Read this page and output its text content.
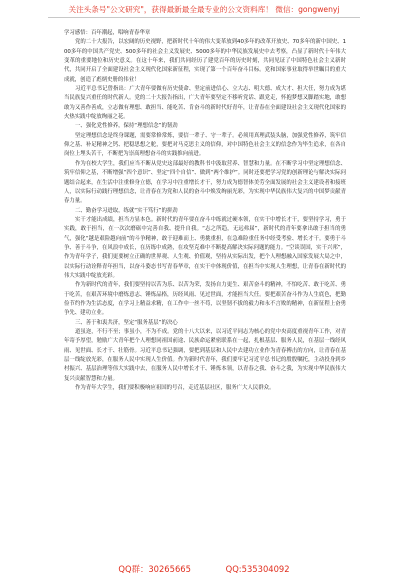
关注头条号"公文研究"，获得最新最全最专业的公文资料库！ 微信：gongwenyj

学习感悟：百年潮起，唱响青春华章

党的二十大报告，以宏阔的历史视野，把新时代十年的伟大变革放到40多年的改革开放史、70多年的新中国史、100多年的中国共产党史、500多年的社会主义发展史、5000多年的中华民族发展史中去考察，凸显了新时代十年伟大变革的重要地位和历史意义。在这十年来，我们共同经历了建党百年的历史时刻，共同见证了中国特色社会主义新时代，共同开启了全面建设社会主义现代化国家新征程，实现了第一个百年奋斗目标。党和国家事业取得举世瞩目的重大成就，创造了彪炳史册的伟业！

习近平总书记曾指出：广大青年要做有历史使命、坚定前进信心、立大志、明大德、成大才、担大任，努力成为堪当民族复兴重任的时代新人。党的二十大报告指出，广大青年要坚定不移听党话、跟党走，怀抱梦想又脚踏实地，敢想敢为又善作善成，立志做有理想、敢担当、能吃苦、肯奋斗的新时代好青年，让青春在全面建设社会主义现代化国家的火热实践中绽放绚丽之花。

一、强化党性修养，保持“理想信念”的韧劲

坚定理想信念是终身课题，需要常修常炼，要信一辈子、守一辈子。必须用真理武装头脑，加强党性修养，筑牢信仰之基、补足精神之钙、把稳思想之舵，要把对马克思主义的信仰，对中国特色社会主义的信念作为毕生追求，在各自岗位上埋头苦干，不断把为崇高理想奋斗的实践推向前进。

作为在校大学生，我们应当不断从党史这部最好的教科书中汲取营养、智慧和力量。在不断学习中坚定理想信念、筑牢信仰之基，不断增强“四个意识”、坚定“四个自信”、做到“两个维护”。同时还要把学习党的创新理论与解决实际问题结合起来，在生活中注重修身立德，在学习中注重增长才干，努力成为德智体美劳全面发展的社会主义建设者和接班人，以实际行动践行理想信念，让青春在为党和人民的奋斗中焕发绚丽光彩，为实现中华民族伟大复兴的中国梦贡献青春力量。

二、勤奋学习进取，练就“实干笃行”的拼劲

实干才能出成绩，担当方显本色。新时代的青年要在奋斗中练就过硬本领，在实干中增长才干，要坚持学习，勇于实践，敢于担当，在一次次磨砺中完善自我、提升自我。“志之所趋，无远弗届”，新时代的青年要拿出敢于担当的勇气，强化“越是艰险越向前”的斗争精神，敢于迎难而上、勇挑重担，在急难险重任务中经受考验、增长才干。要勇于斗争、善于斗争，在风浪中成长，在历练中成熟，在攻坚克难中不断提高解决实际问题的能力。“空谈误国，实干兴邦”，作为青年学子，我们更要树立正确的世界观、人生观、价值观，坚持从实际出发，把个人理想融入国家发展大局之中，以实际行动诠释青年担当，以奋斗姿态书写青春华章，在实干中体现价值，在担当中实现人生理想，让青春在新时代的伟大实践中绽放光彩。

作为新时代的青年，我们要坚持以苦为乐、以苦为荣，发扬自力更生、艰苦奋斗的精神，不怕吃苦、敢于吃苦、勇于吃苦，在艰苦环境中磨炼意志、锤炼品格，历经风雨、见过世面，才能担当大任。要把艰苦奋斗作为人生底色，把勤俭节约作为生活态度，在学习上精益求精，在工作中一丝不苟，以坚韧不拔的毅力和永不言败的精神，在新征程上奋勇争先、建功立业。

三、善于和衷共济，坚定“服务基层”的决心

道虽迩，不行不至；事虽小，不为不成。党的十八大以来，以习近平同志为核心的党中央高度重视青年工作，对青年寄予厚望，勉励广大青年把个人理想同祖国前途、民族命运紧密联系在一起，扎根基层、服务人民，在基层一线经风雨、见世面、长才干、壮筋骨。习近平总书记强调，要把到基层和人民中去建功立业作为青春搏击的方向，让青春在基层一线绽放光彩，在服务人民中实现人生价值。作为新时代青年，我们要牢记习近平总书记的殷殷嘱托，主动投身到乡村振兴、基层治理等伟大实践中去，在服务人民中增长才干、锤炼本领，以青春之我、奋斗之我，为实现中华民族伟大复兴贡献智慧和力量。

作为青年大学生，我们要积极响应祖国的号召，走近基层社区，服务广大人民群众。

QQ群：30265665	QQ:535304092
